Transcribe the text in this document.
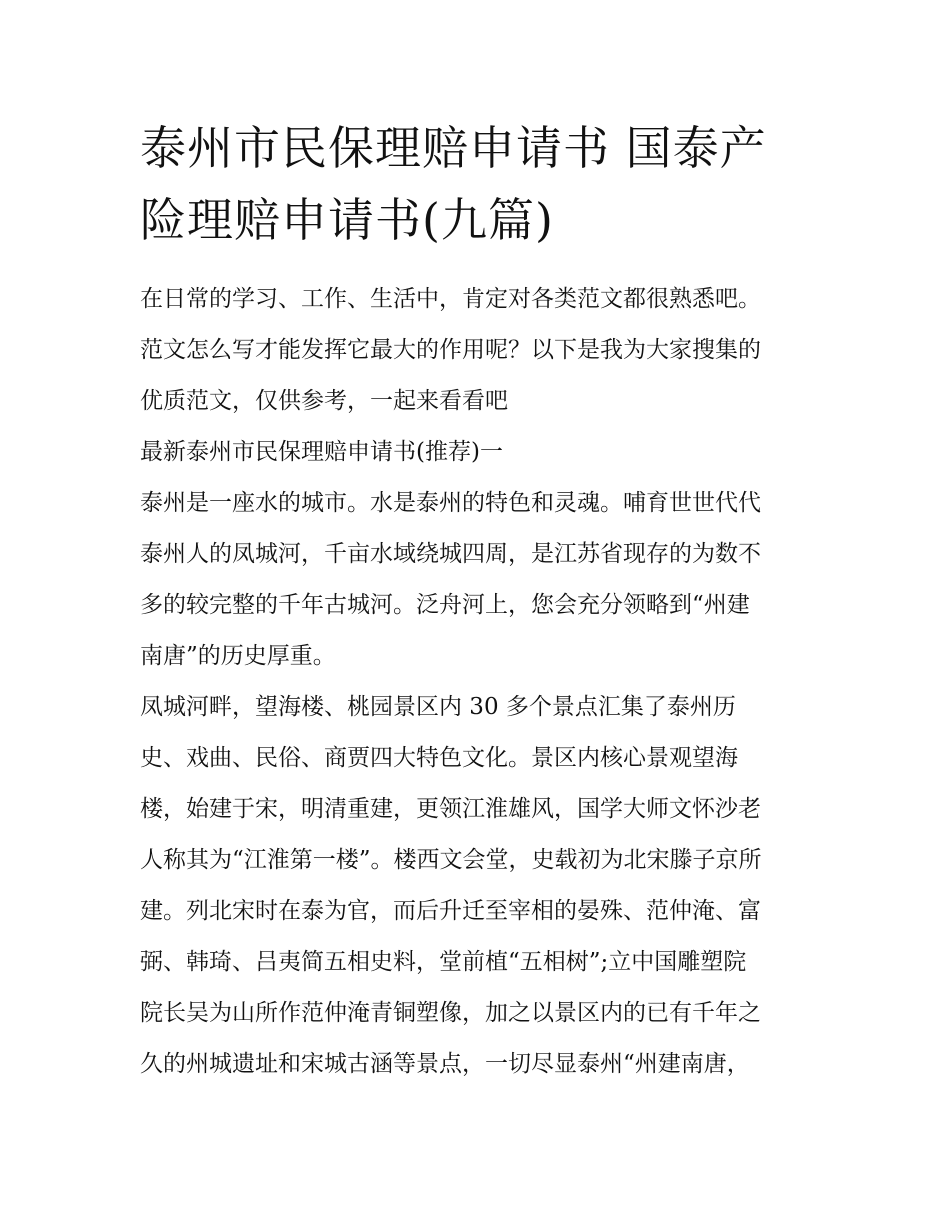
泰州市民保理赔申请书 国泰产
险理赔申请书(九篇)
在日常的学习、工作、生活中，肯定对各类范文都很熟悉吧。
范文怎么写才能发挥它最大的作用呢？以下是我为大家搜集的
优质范文，仅供参考，一起来看看吧
最新泰州市民保理赔申请书(推荐)一
泰州是一座水的城市。水是泰州的特色和灵魂。哺育世世代代
泰州人的凤城河，千亩水域绕城四周，是江苏省现存的为数不
多的较完整的千年古城河。泛舟河上，您会充分领略到“州建
南唐”的历史厚重。
凤城河畔，望海楼、桃园景区内 30 多个景点汇集了泰州历
史、戏曲、民俗、商贾四大特色文化。景区内核心景观望海
楼，始建于宋，明清重建，更领江淮雄风，国学大师文怀沙老
人称其为“江淮第一楼”。楼西文会堂，史载初为北宋滕子京所
建。列北宋时在泰为官，而后升迁至宰相的晏殊、范仲淹、富
弼、韩琦、吕夷简五相史料，堂前植“五相树”;立中国雕塑院
院长吴为山所作范仲淹青铜塑像，加之以景区内的已有千年之
久的州城遗址和宋城古涵等景点，一切尽显泰州“州建南唐，
